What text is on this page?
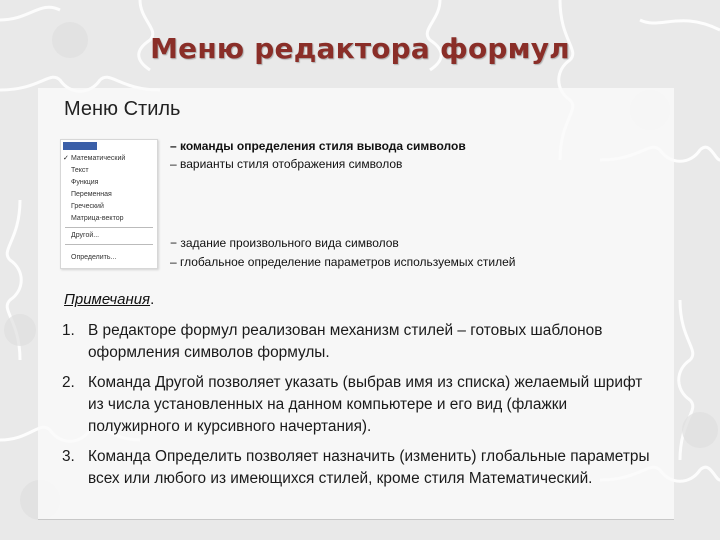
Меню редактора формул
Меню Стиль
✓ Математический
Текст
Функция
Переменная
Греческий
Матрица-вектор
Другой...
Определить...
– команды определения стиля вывода символов
– варианты стиля отображения символов
− задание произвольного вида символов
– глобальное определение параметров используемых стилей
Примечания.
1. В редакторе формул реализован механизм стилей – готовых шаблонов оформления символов формулы.
2. Команда Другой позволяет указать (выбрав имя из списка) желаемый шрифт из числа установленных на данном компьютере и его вид (флажки полужирного и курсивного начертания).
3. Команда Определить позволяет назначить (изменить) глобальные параметры всех или любого из имеющихся стилей, кроме стиля Математический.
